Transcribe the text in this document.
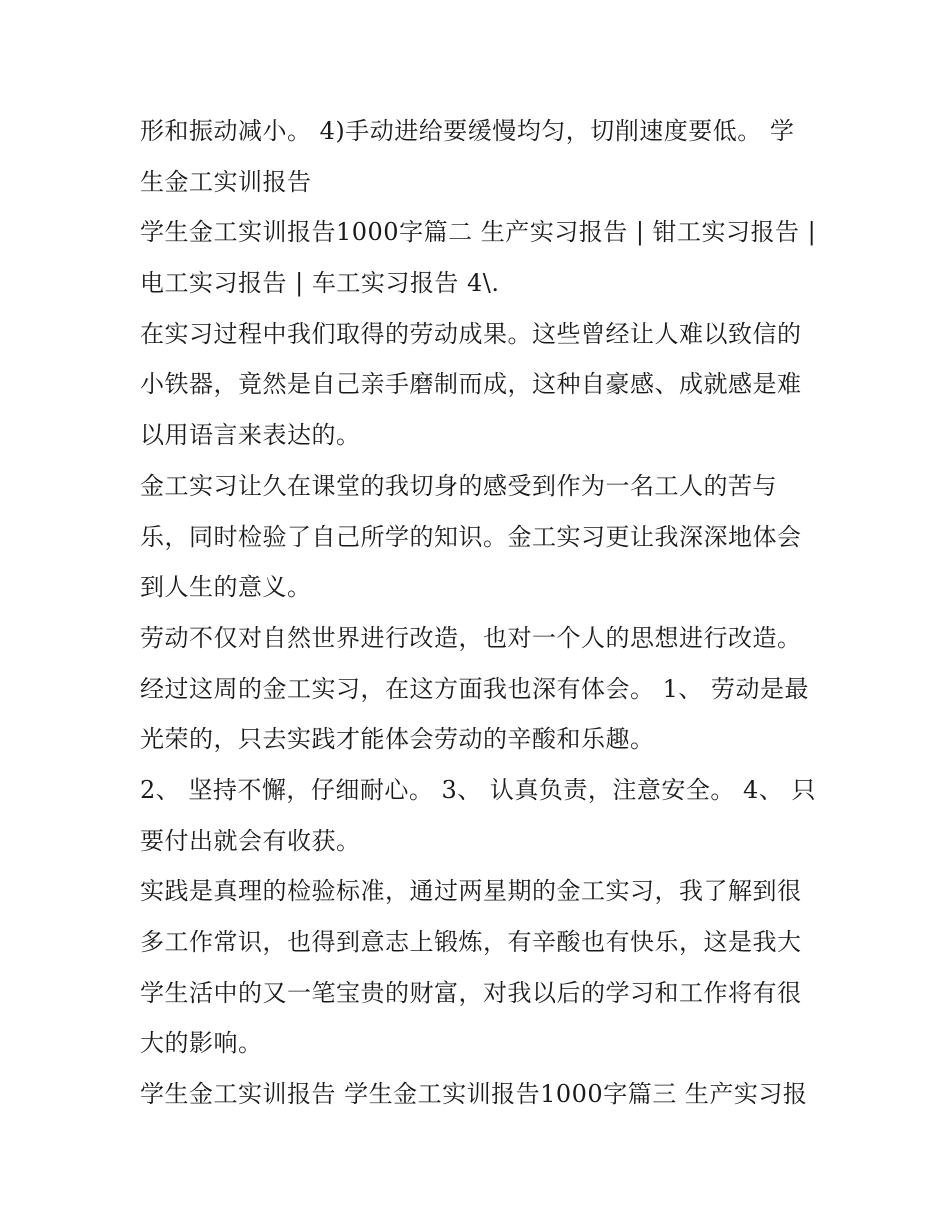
形和振动减小。 4)手动进给要缓慢均匀，切削速度要低。 学
生金工实训报告
学生金工实训报告1000字篇二 生产实习报告 | 钳工实习报告 |
电工实习报告 | 车工实习报告 4\.
在实习过程中我们取得的劳动成果。这些曾经让人难以致信的
小铁器，竟然是自己亲手磨制而成，这种自豪感、成就感是难
以用语言来表达的。
金工实习让久在课堂的我切身的感受到作为一名工人的苦与
乐，同时检验了自己所学的知识。金工实习更让我深深地体会
到人生的意义。
劳动不仅对自然世界进行改造，也对一个人的思想进行改造。
经过这周的金工实习，在这方面我也深有体会。 1、 劳动是最
光荣的，只去实践才能体会劳动的辛酸和乐趣。
2、 坚持不懈，仔细耐心。 3、 认真负责，注意安全。 4、 只
要付出就会有收获。
实践是真理的检验标准，通过两星期的金工实习，我了解到很
多工作常识，也得到意志上锻炼，有辛酸也有快乐，这是我大
学生活中的又一笔宝贵的财富，对我以后的学习和工作将有很
大的影响。
学生金工实训报告 学生金工实训报告1000字篇三 生产实习报
